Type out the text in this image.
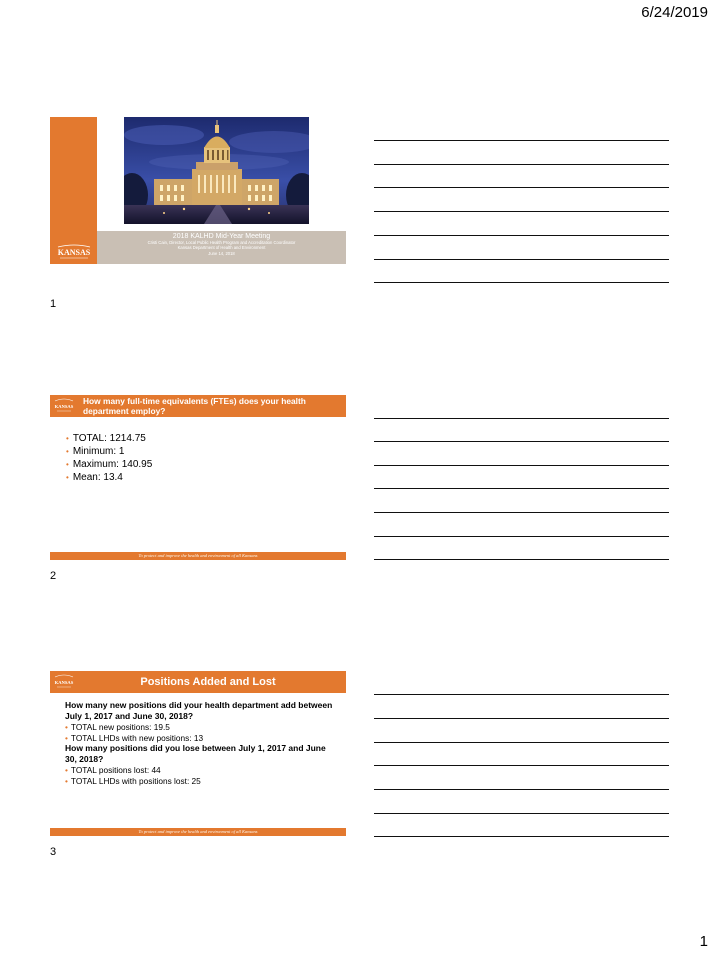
6/24/2019
1
2018 KALHD Mid-Year Meeting
Cristi Cain, Director, Local Public Health Program and Accreditation Coordinator
Kansas Department of Health and Environment
June 14, 2018
KANSAS
1
KANSAS
How many full-time equivalents (FTEs) does your health department employ?
• TOTAL: 1214.75
• Minimum: 1
• Maximum: 140.95
• Mean: 13.4
To protect and improve the health and environment of all Kansans
2
KANSAS	Positions Added and Lost
How many new positions did your health department add between July 1, 2017 and June 30, 2018?
• TOTAL new positions: 19.5
• TOTAL LHDs with new positions: 13
How many positions did you lose between July 1, 2017 and June 30, 2018?
• TOTAL positions lost: 44
• TOTAL LHDs with positions lost: 25
To protect and improve the health and environment of all Kansans
3
